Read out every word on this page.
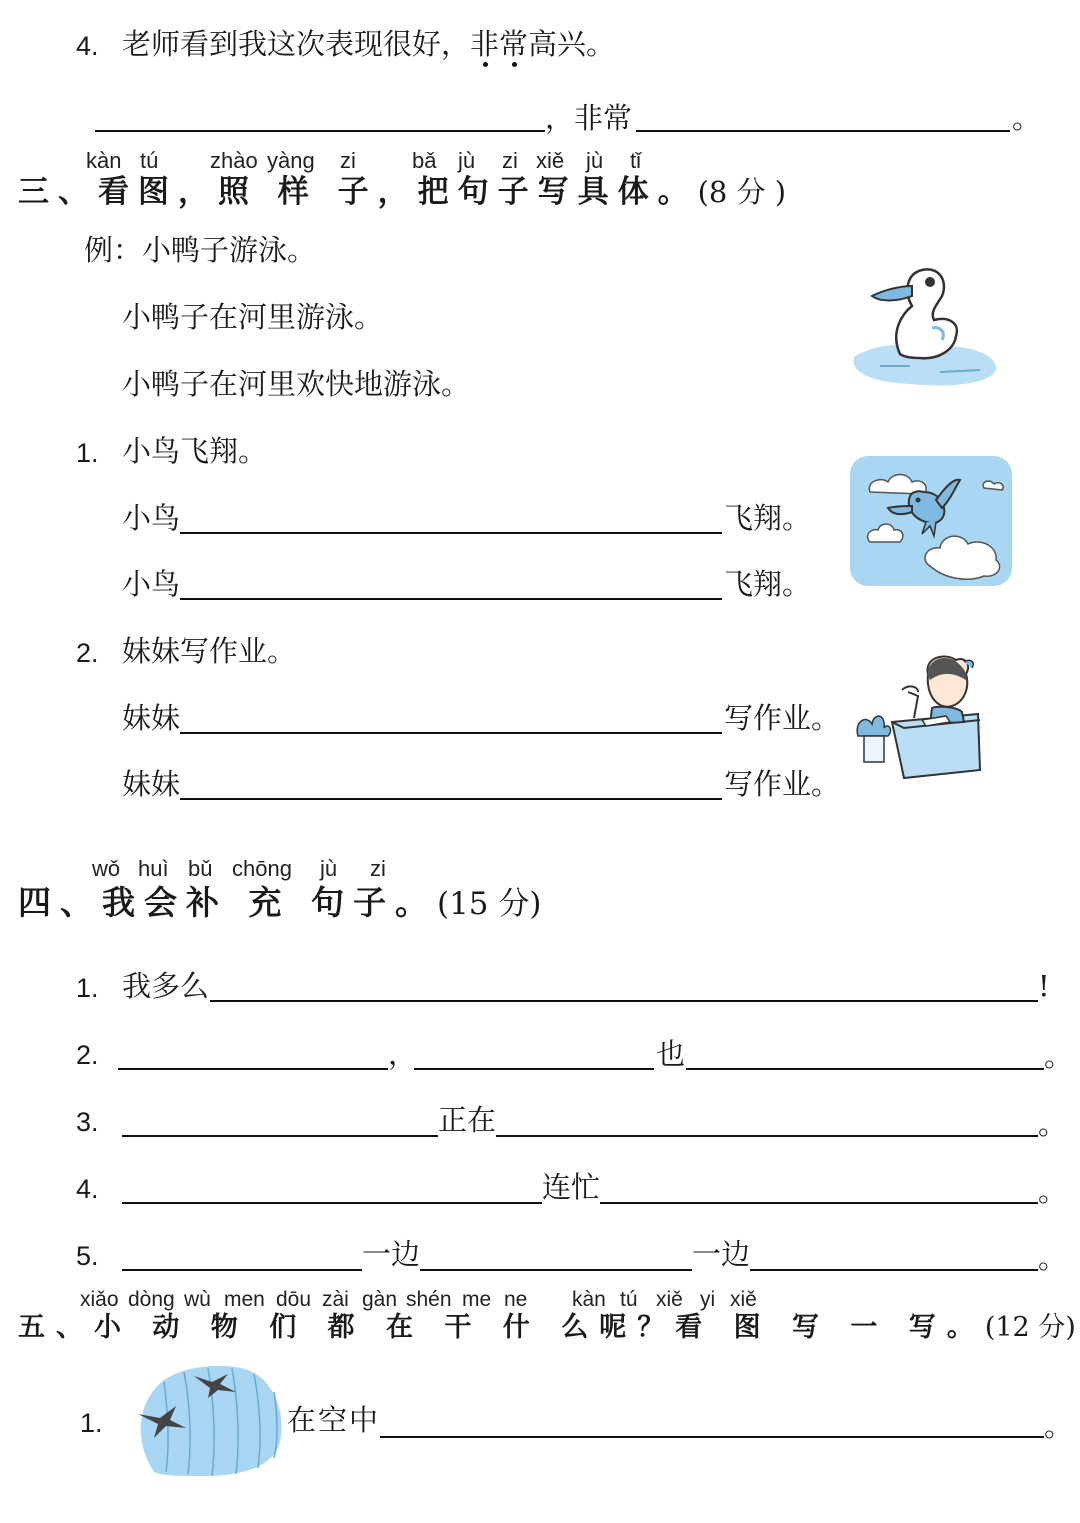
4. 老师看到我这次表现很好，非常高兴。
，非常	。
kàn tú zhào yàng zi	bǎ jù zi xiě jù tǐ
三、看图，照 样 子，把句子写具体。(8 分 )
例：小鸭子游泳。
小鸭子在河里游泳。
小鸭子在河里欢快地游泳。
1. 小鸟飞翔。
小鸟	飞翔。
小鸟	飞翔。
2. 妹妹写作业。
妹妹	写作业。
妹妹	写作业。
wǒ huì bǔ chōng jù zi
四、我会补 充 句子。(15 分)
1. 我多么	!
2.	，	也	。
3.	正在	。
4.	连忙	。
5.	一边	一边	。
xiǎo dòng wù men dōu zài gàn shén me ne kàn tú xiě yi xiě
五、小 动 物 们 都 在 干 什 么呢？看 图 写 一 写。(12 分)
1.	在空中	。
